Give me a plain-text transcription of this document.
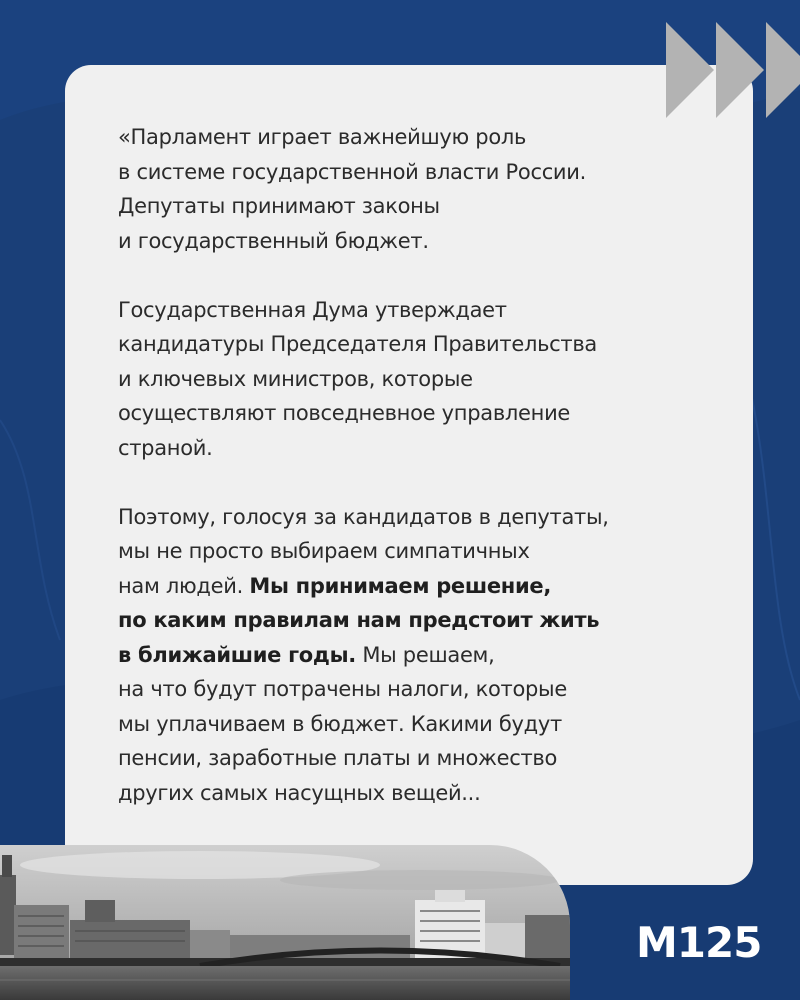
«Парламент играет важнейшую роль
в системе государственной власти России.
Депутаты принимают законы
и государственный бюджет.

Государственная Дума утверждает
кандидатуры Председателя Правительства
и ключевых министров, которые
осуществляют повседневное управление
страной.

Поэтому, голосуя за кандидатов в депутаты,
мы не просто выбираем симпатичных
нам людей. Мы принимаем решение,
по каким правилам нам предстоит жить
в ближайшие годы. Мы решаем,
на что будут потрачены налоги, которые
мы уплачиваем в бюджет. Какими будут
пенсии, заработные платы и множество
других самых насущных вещей...

M125
